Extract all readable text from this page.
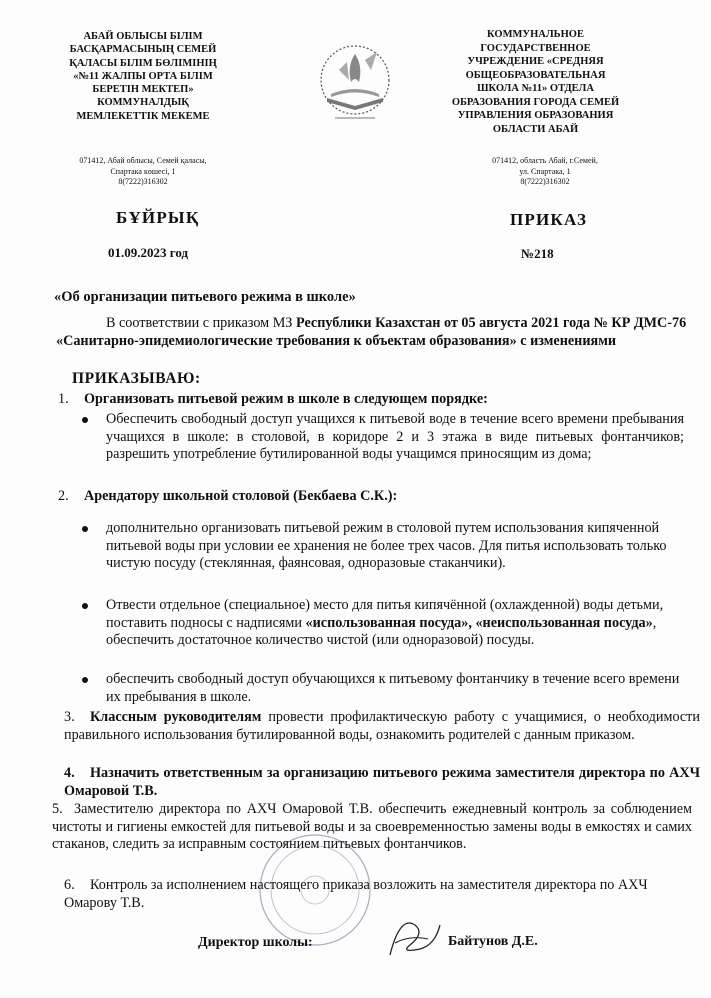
АБАЙ ОБЛЫСЫ БІЛІМ
БАСҚАРМАСЫНЫҢ СЕМЕЙ
ҚАЛАСЫ БІЛІМ БӨЛІМІНІҢ
«№11 ЖАЛПЫ ОРТА БІЛІМ
БЕРЕТІН МЕКТЕП»
КОММУНАЛДЫҚ
МЕМЛЕКЕТТІК МЕКЕМЕ
КОММУНАЛЬНОЕ
ГОСУДАРСТВЕННОЕ
УЧРЕЖДЕНИЕ «СРЕДНЯЯ
ОБЩЕОБРАЗОВАТЕЛЬНАЯ
ШКОЛА №11» ОТДЕЛА
ОБРАЗОВАНИЯ ГОРОДА СЕМЕЙ
УПРАВЛЕНИЯ ОБРАЗОВАНИЯ
ОБЛАСТИ АБАЙ
071412, Абай облысы, Семей қаласы,
Спартака көшесі, 1
8(7222)316302
071412, область Абай, г.Семей,
ул. Спартака, 1
8(7222)316302
БҰЙРЫҚ	ПРИКАЗ
01.09.2023 год	№218
«Об организации питьевого режима в школе»
В соответствии с приказом МЗ Республики Казахстан от 05 августа 2021 года № КР ДМС-76 «Санитарно-эпидемиологические требования к объектам образования» с изменениями
ПРИКАЗЫВАЮ:
1. Организовать питьевой режим в школе в следующем порядке:
Обеспечить свободный доступ учащихся к питьевой воде в течение всего времени пребывания учащихся в школе: в столовой, в коридоре 2 и 3 этажа в виде питьевых фонтанчиков; разрешить употребление бутилированной воды учащимся приносящим из дома;
2. Арендатору школьной столовой (Бекбаева С.К.):
дополнительно организовать питьевой режим в столовой путем использования кипяченной питьевой воды при условии ее хранения не более трех часов. Для питья использовать только чистую посуду (стеклянная, фаянсовая, одноразовые стаканчики).
Отвести отдельное (специальное) место для питья кипячённой (охлажденной) воды детьми, поставить подносы с надписями «использованная посуда», «неиспользованная посуда», обеспечить достаточное количество чистой (или одноразовой) посуды.
обеспечить свободный доступ обучающихся к питьевому фонтанчику в течение всего времени их пребывания в школе.
3. Классным руководителям провести профилактическую работу с учащимися, о необходимости правильного использования бутилированной воды, ознакомить родителей с данным приказом.
4. Назначить ответственным за организацию питьевого режима заместителя директора по АХЧ Омаровой Т.В.
5. Заместителю директора по АХЧ Омаровой Т.В. обеспечить ежедневный контроль за соблюдением чистоты и гигиены емкостей для питьевой воды и за своевременностью замены воды в емкостях и самих стаканов, следить за исправным состоянием питьевых фонтанчиков.
6. Контроль за исполнением настоящего приказа возложить на заместителя директора по АХЧ Омарову Т.В.
Директор школы:	Байтунов Д.Е.
